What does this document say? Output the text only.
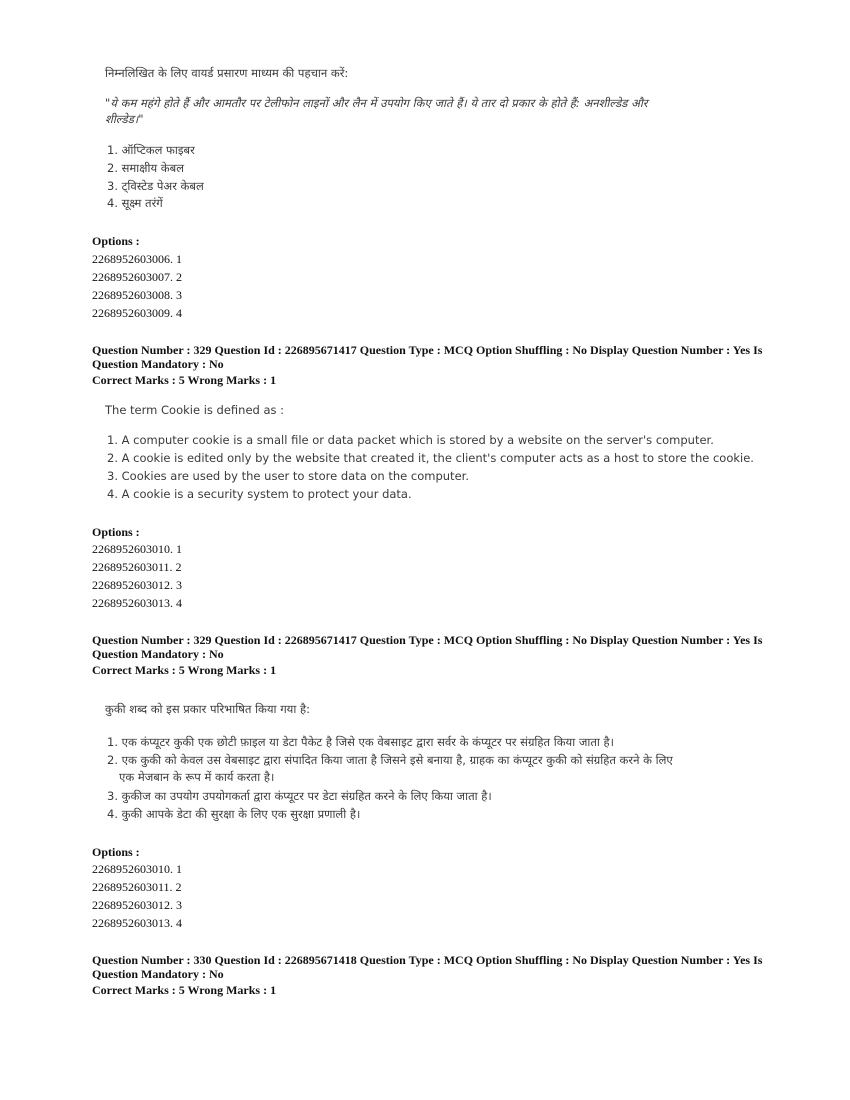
निम्नलिखित के लिए वायर्ड प्रसारण माध्यम की पहचान करें:
"ये कम महंगे होते हैं और आमतौर पर टेलीफोन लाइनों और लैन में उपयोग किए जाते हैं। ये तार दो प्रकार के होते हैं: अनशील्डेड और
शील्डेड।"
1. ऑप्टिकल फाइबर
2. समाक्षीय केबल
3. ट्विस्टेड पेअर केबल
4. सूक्ष्म तरंगें
Options :
2268952603006. 1
2268952603007. 2
2268952603008. 3
2268952603009. 4
Question Number : 329 Question Id : 226895671417 Question Type : MCQ Option Shuffling : No Display Question Number : Yes Is
Question Mandatory : No
Correct Marks : 5 Wrong Marks : 1
The term Cookie is defined as :
1. A computer cookie is a small file or data packet which is stored by a website on the server's computer.
2. A cookie is edited only by the website that created it, the client's computer acts as a host to store the cookie.
3. Cookies are used by the user to store data on the computer.
4. A cookie is a security system to protect your data.
Options :
2268952603010. 1
2268952603011. 2
2268952603012. 3
2268952603013. 4
Question Number : 329 Question Id : 226895671417 Question Type : MCQ Option Shuffling : No Display Question Number : Yes Is
Question Mandatory : No
Correct Marks : 5 Wrong Marks : 1
कुकी शब्द को इस प्रकार परिभाषित किया गया है:
1. एक कंप्यूटर कुकी एक छोटी फ़ाइल या डेटा पैकेट है जिसे एक वेबसाइट द्वारा सर्वर के कंप्यूटर पर संग्रहित किया जाता है।
2. एक कुकी को केवल उस वेबसाइट द्वारा संपादित किया जाता है जिसने इसे बनाया है, ग्राहक का कंप्यूटर कुकी को संग्रहित करने के लिए
एक मेजबान के रूप में कार्य करता है।
3. कुकीज का उपयोग उपयोगकर्ता द्वारा कंप्यूटर पर डेटा संग्रहित करने के लिए किया जाता है।
4. कुकी आपके डेटा की सुरक्षा के लिए एक सुरक्षा प्रणाली है।
Options :
2268952603010. 1
2268952603011. 2
2268952603012. 3
2268952603013. 4
Question Number : 330 Question Id : 226895671418 Question Type : MCQ Option Shuffling : No Display Question Number : Yes Is
Question Mandatory : No
Correct Marks : 5 Wrong Marks : 1
